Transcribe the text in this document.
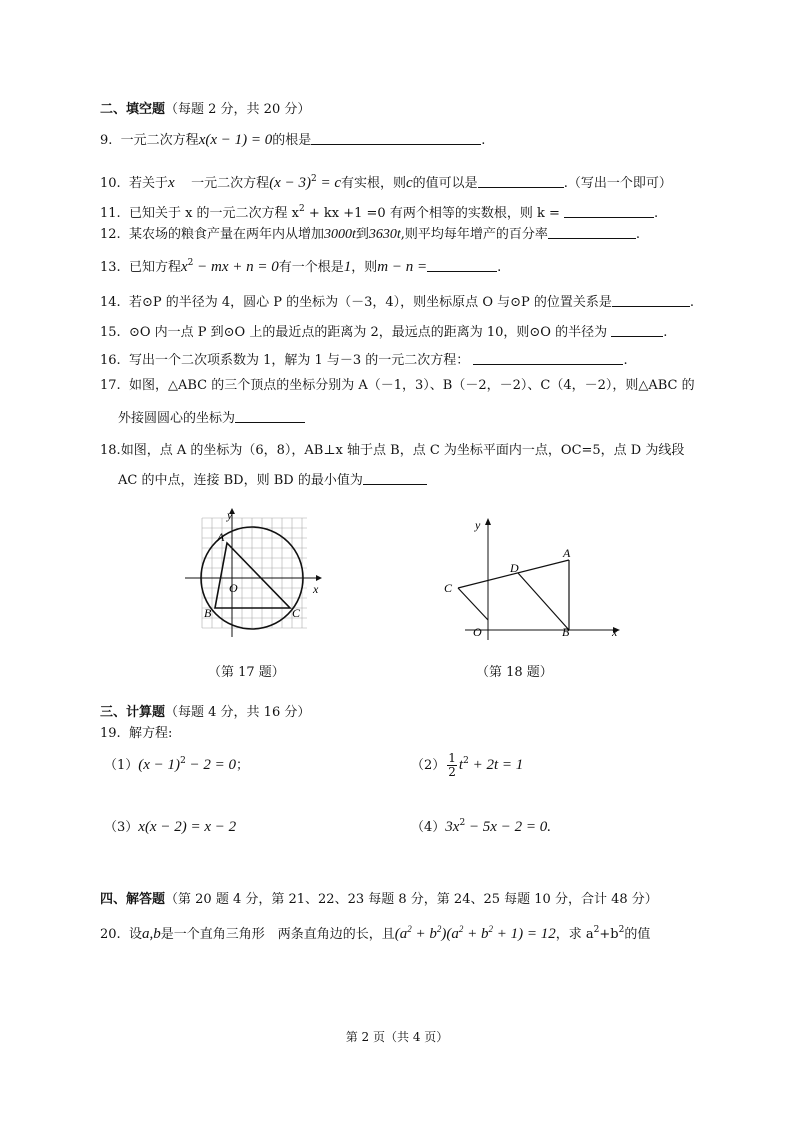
二、填空题（每题 2 分，共 20 分）
9. 一元二次方程x(x − 1) = 0的根是	.
10. 若关于x 一元二次方程$(x - 3)^2 = c$有实根，则c的值可以是	.（写出一个即可）
11. 已知关于 x 的一元二次方程 $x^2$ + kx +1 =0 有两个相等的实数根，则 k =	.
12. 某农场的粮食产量在两年内从增加3000t到3630t,则平均每年增产的百分率	.
13. 已知方程$x^2$ − mx + n = 0有一个根是1，则m − n =	.
14. 若⊙P 的半径为 4，圆心 P 的坐标为（－3，4），则坐标原点 O 与⊙P 的位置关系是	.
15. ⊙O 内一点 P 到⊙O 上的最近点的距离为 2，最远点的距离为 10，则⊙O 的半径为	.
16. 写出一个二次项系数为 1，解为 1 与－3 的一元二次方程：	.
17. 如图，△ABC 的三个顶点的坐标分别为 A（－1，3）、B（－2，－2）、C（4，－2），则△ABC 的
外接圆圆心的坐标为
18.如图，点 A 的坐标为（6，8），AB⊥x 轴于点 B，点 C 为坐标平面内一点，OC=5，点 D 为线段
AC 的中点，连接 BD，则 BD 的最小值为
y
x
A
B	C
O
（第 17 题）
y
x
A
B
C
D
O
（第 18 题）
三、计算题（每题 4 分，共 16 分）
19. 解方程:
$(1)(x - 1)^2 - 2 = 0$；	$(2) \frac{1}{2} t^2 + 2t = 1$
（3）x(x − 2) = x − 2	$(4)3x^2 - 5x - 2 = 0$.
四、解答题（第 20 题 4 分，第 21、22、23 每题 8 分，第 24、25 每题 10 分，合计 48 分）
20. 设a,b是一个直角三角形　两条直角边的长，且$(a^2 + b^2)(a^2 + b^2 + 1) = 12$，求 $a^2+b^2$的值
第 2 页（共 4 页）
